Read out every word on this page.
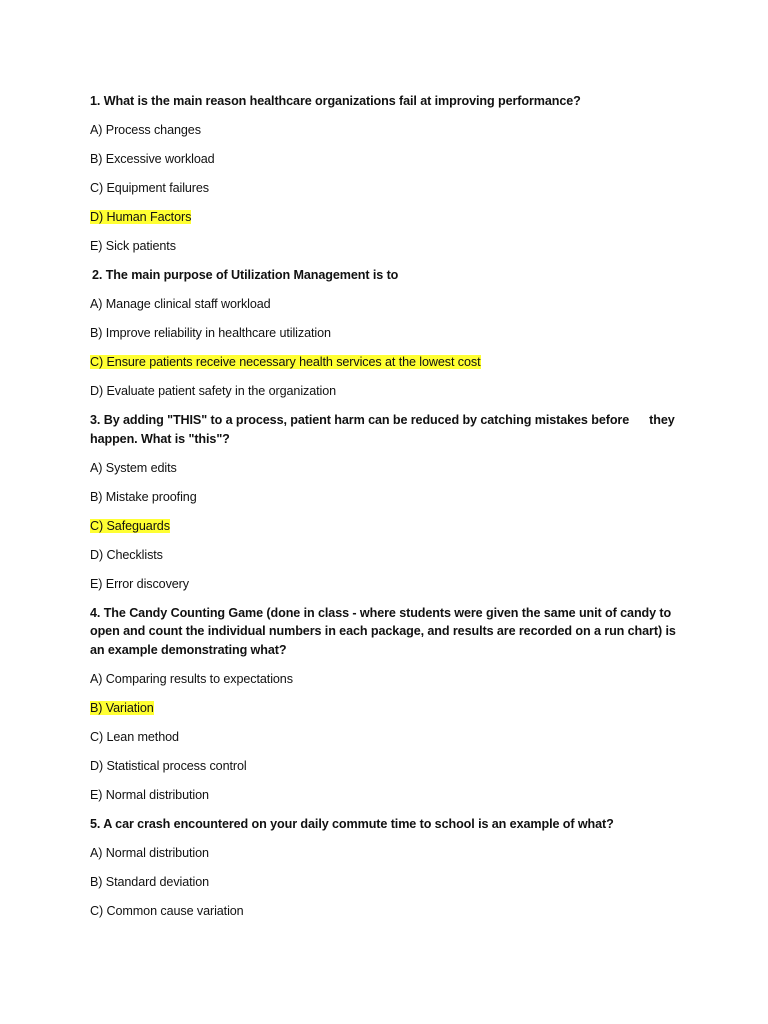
1. What is the main reason healthcare organizations fail at improving performance?
A) Process changes
B) Excessive workload
C) Equipment failures
D) Human Factors
E) Sick patients
2. The main purpose of Utilization Management is to
A) Manage clinical staff workload
B) Improve reliability in healthcare utilization
C) Ensure patients receive necessary health services at the lowest cost
D) Evaluate patient safety in the organization
3. By adding "THIS" to a process, patient harm can be reduced by catching mistakes before they happen. What is "this"?
A) System edits
B) Mistake proofing
C) Safeguards
D) Checklists
E) Error discovery
4. The Candy Counting Game (done in class - where students were given the same unit of candy to open and count the individual numbers in each package, and results are recorded on a run chart) is an example demonstrating what?
A) Comparing results to expectations
B) Variation
C) Lean method
D) Statistical process control
E) Normal distribution
5. A car crash encountered on your daily commute time to school is an example of what?
A) Normal distribution
B) Standard deviation
C) Common cause variation
